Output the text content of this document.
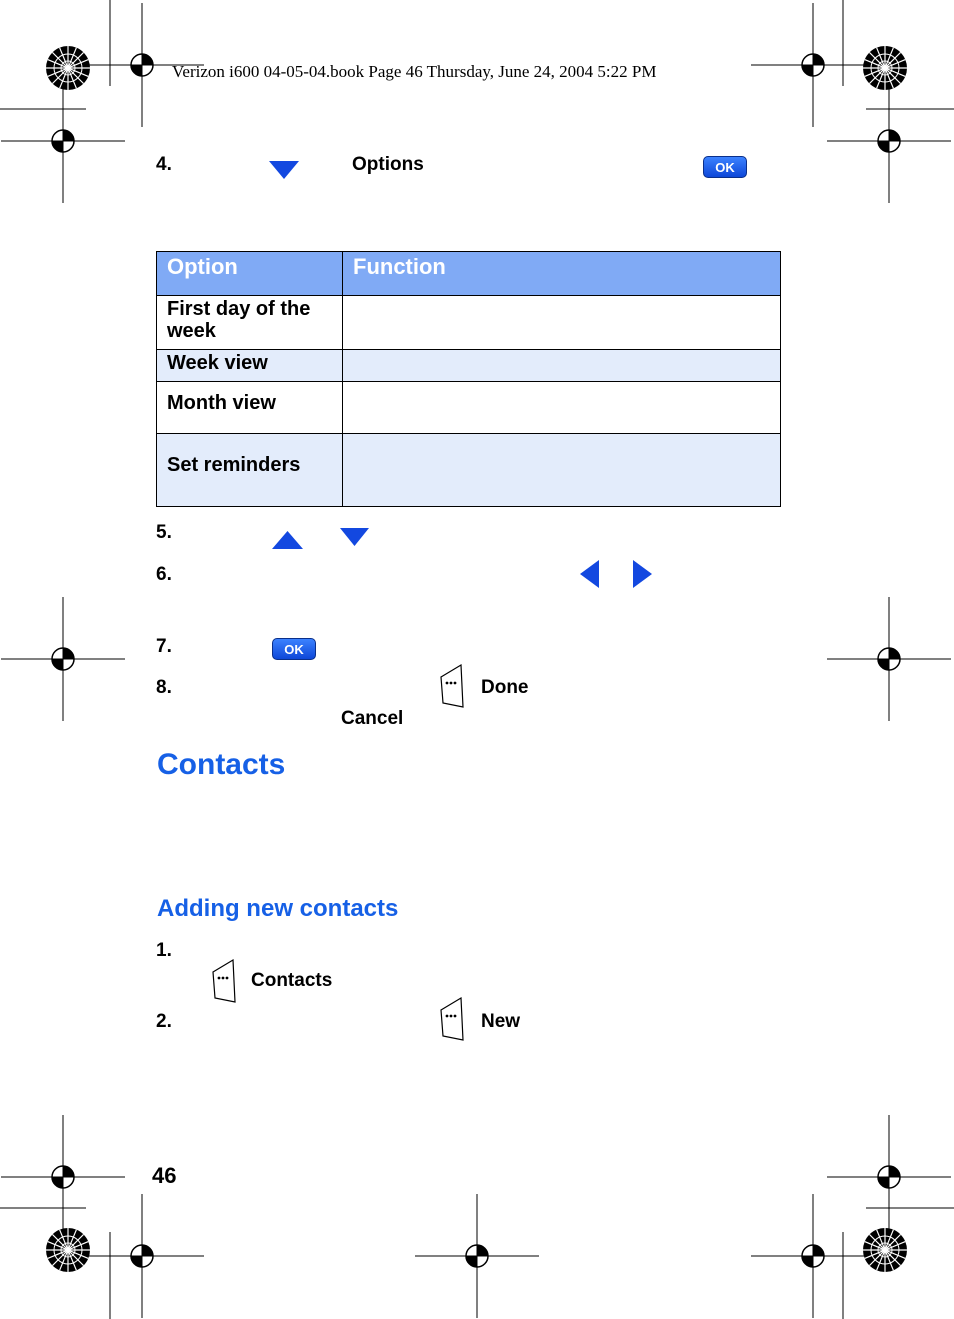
Verizon i600 04-05-04.book Page 46 Thursday, June 24, 2004 5:22 PM
4.	Options	OK
Option	Function
First day of the week	
Week view	
Month view	
Set reminders	
5.
6.
7.	OK
8.	Done
Cancel
Contacts
Adding new contacts
1.
Contacts
2.	New
46
